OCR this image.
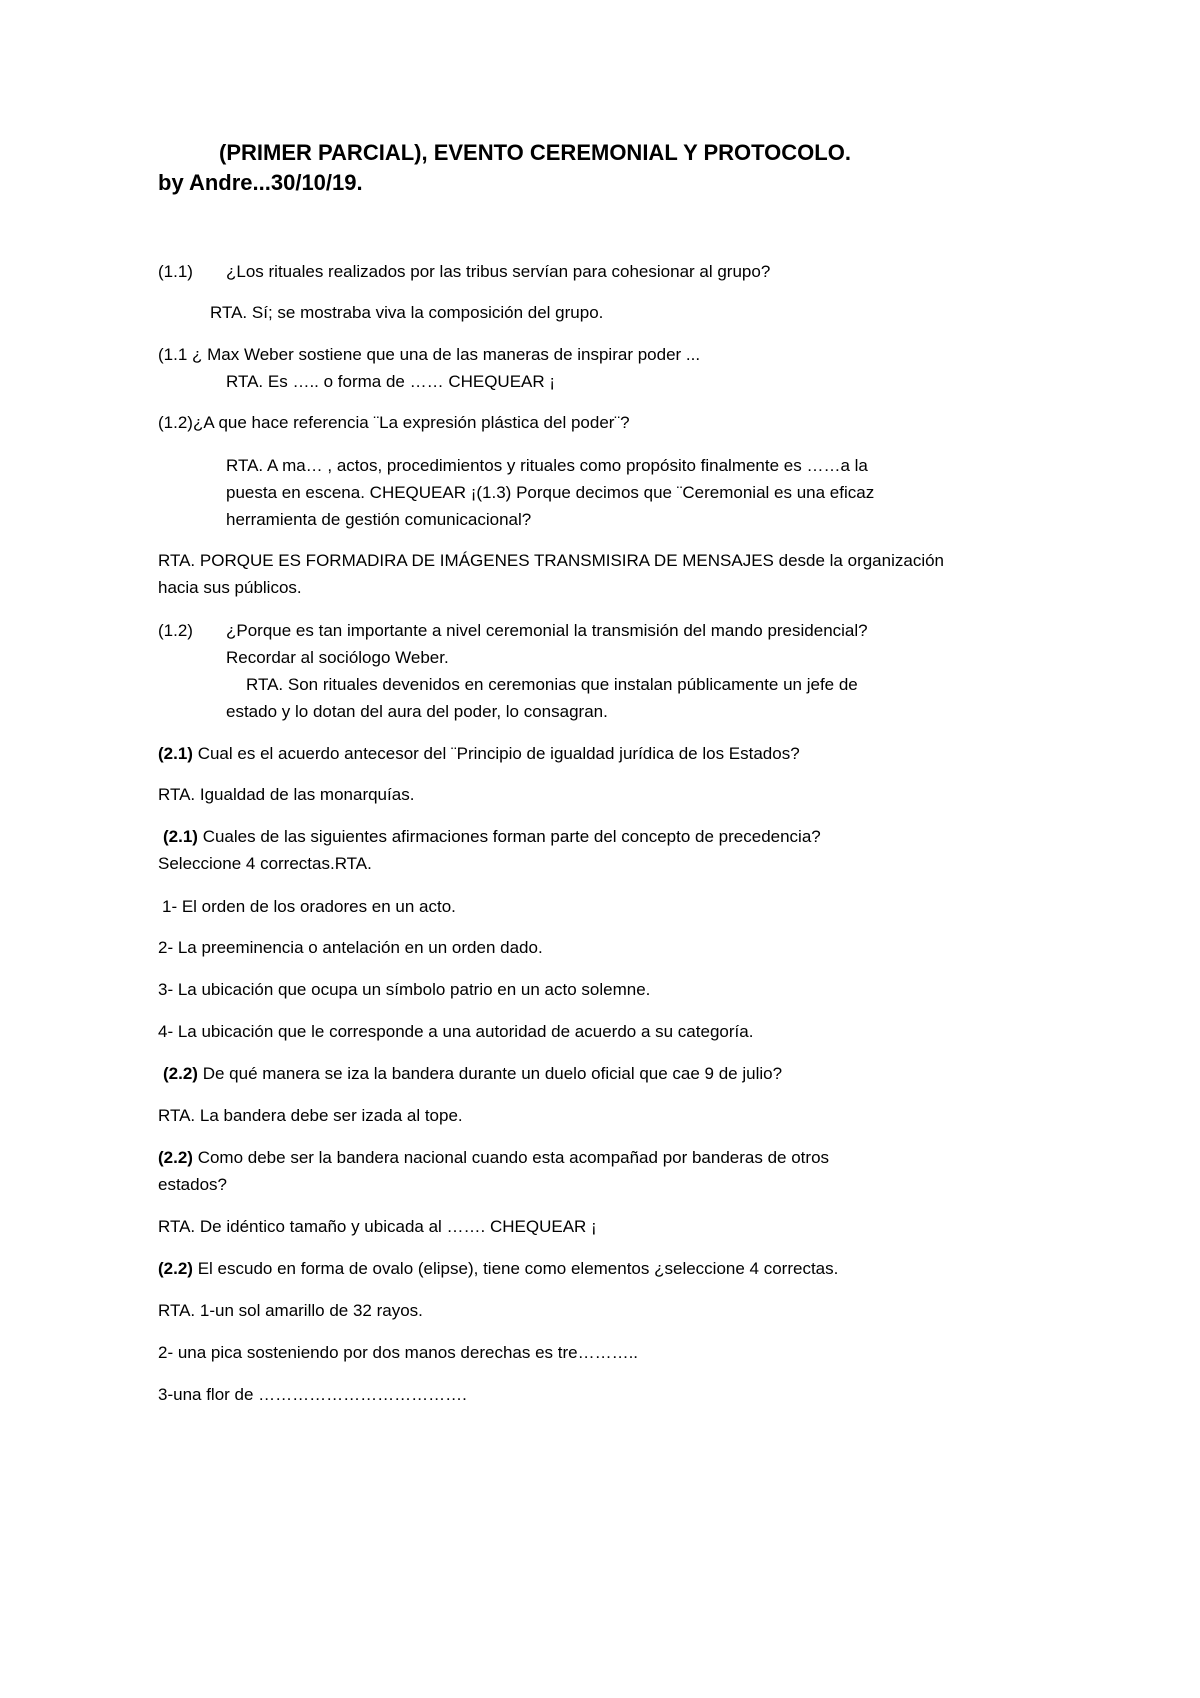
(PRIMER PARCIAL), EVENTO CEREMONIAL Y PROTOCOLO.
by Andre...30/10/19.
(1.1) ¿Los rituales realizados por las tribus servían para cohesionar al grupo?
RTA. Sí; se mostraba viva la composición del grupo.
(1.1 ¿ Max Weber sostiene que una de las maneras de inspirar poder ...
RTA. Es ….. o forma de …… CHEQUEAR ¡
(1.2)¿A que hace referencia ¨La expresión plástica del poder¨?
RTA. A ma… , actos, procedimientos y rituales como propósito finalmente es ……a la
puesta en escena. CHEQUEAR ¡(1.3) Porque decimos que ¨Ceremonial es una eficaz
herramienta de gestión comunicacional?
RTA. PORQUE ES FORMADIRA DE IMÁGENES TRANSMISIRA DE MENSAJES desde la organización
hacia sus públicos.
(1.2) ¿Porque es tan importante a nivel ceremonial la transmisión del mando presidencial?
Recordar al sociólogo Weber.
RTA. Son rituales devenidos en ceremonias que instalan públicamente un jefe de
estado y lo dotan del aura del poder, lo consagran.
(2.1) Cual es el acuerdo antecesor del ¨Principio de igualdad jurídica de los Estados?
RTA. Igualdad de las monarquías.
(2.1) Cuales de las siguientes afirmaciones forman parte del concepto de precedencia?
Seleccione 4 correctas.RTA.
1- El orden de los oradores en un acto.
2- La preeminencia o antelación en un orden dado.
3- La ubicación que ocupa un símbolo patrio en un acto solemne.
4- La ubicación que le corresponde a una autoridad de acuerdo a su categoría.
(2.2) De qué manera se iza la bandera durante un duelo oficial que cae 9 de julio?
RTA. La bandera debe ser izada al tope.
(2.2) Como debe ser la bandera nacional cuando esta acompañad por banderas de otros
estados?
RTA. De idéntico tamaño y ubicada al ……. CHEQUEAR ¡
(2.2) El escudo en forma de ovalo (elipse), tiene como elementos ¿seleccione 4 correctas.
RTA. 1-un sol amarillo de 32 rayos.
2- una pica sosteniendo por dos manos derechas es tre………..
3-una flor de ……………………………….
